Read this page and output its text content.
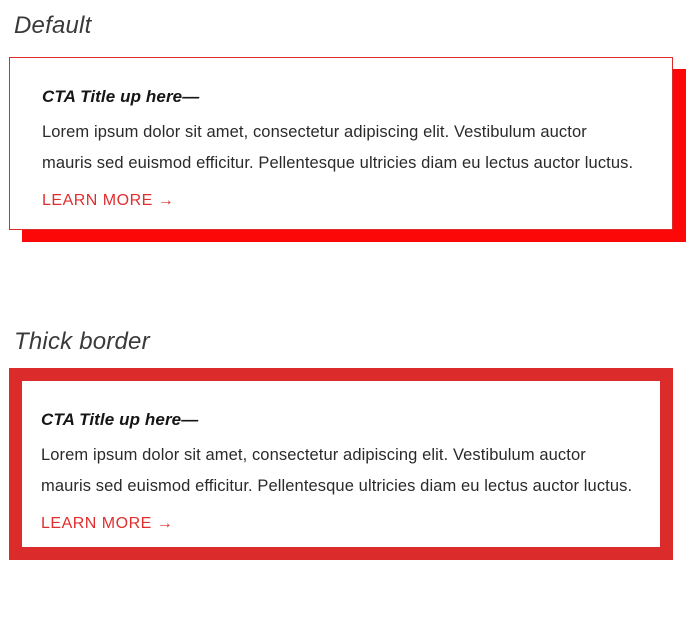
Default
CTA Title up here—

Lorem ipsum dolor sit amet, consectetur adipiscing elit. Vestibulum auctor mauris sed euismod efficitur. Pellentesque ultricies diam eu lectus auctor luctus.

LEARN MORE →
Thick border
CTA Title up here—

Lorem ipsum dolor sit amet, consectetur adipiscing elit. Vestibulum auctor mauris sed euismod efficitur. Pellentesque ultricies diam eu lectus auctor luctus.

LEARN MORE →
